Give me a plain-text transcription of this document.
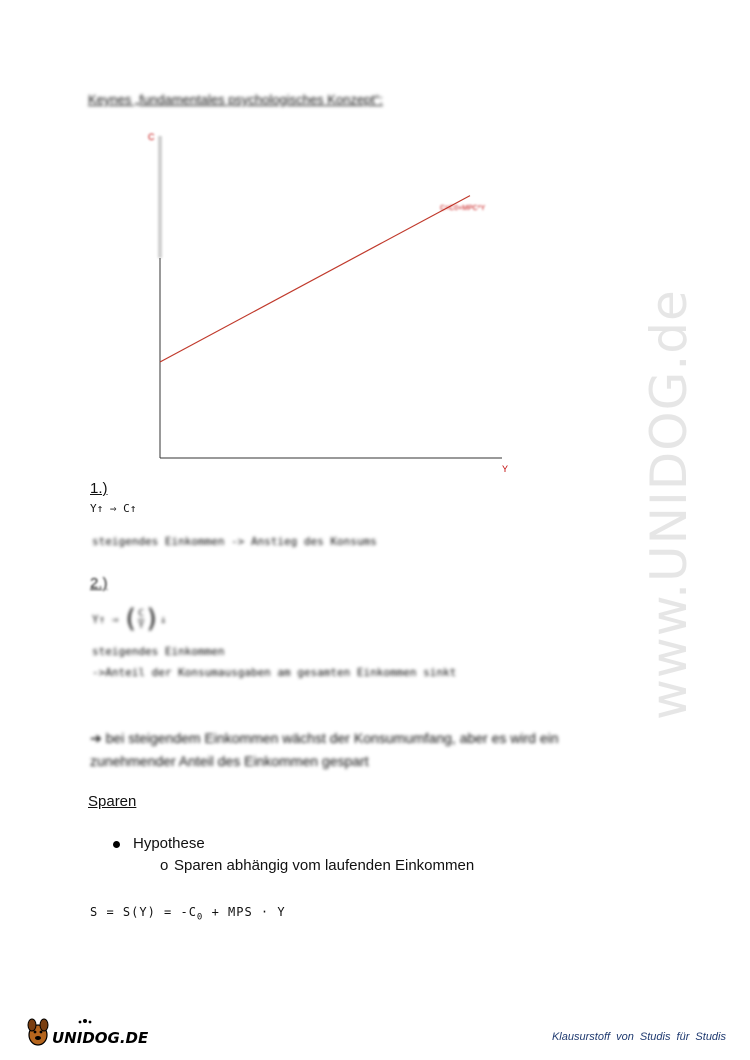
Keynes „fundamentales psychologisches Konzept“:
C
Y
C=C0+MPC*Y
1.)
Y↑ ⇒ C↑
steigendes Einkommen -> Anstieg des Konsums
2.)
Y↑ ⇒ ( C
Y ) ↓
steigendes Einkommen
->Anteil der Konsumausgaben am gesamten Einkommen sinkt
➔ bei steigendem Einkommen wächst der Konsumumfang, aber es wird ein
zunehmender Anteil des Einkommen gespart
Sparen
Hypothese
o Sparen abhängig vom laufenden Einkommen
$S = S(Y) = -C_0$ + MPS · Y
www.UNIDOG.de
UNIDOG.DE	Klausurstoff von Studis für Studis
